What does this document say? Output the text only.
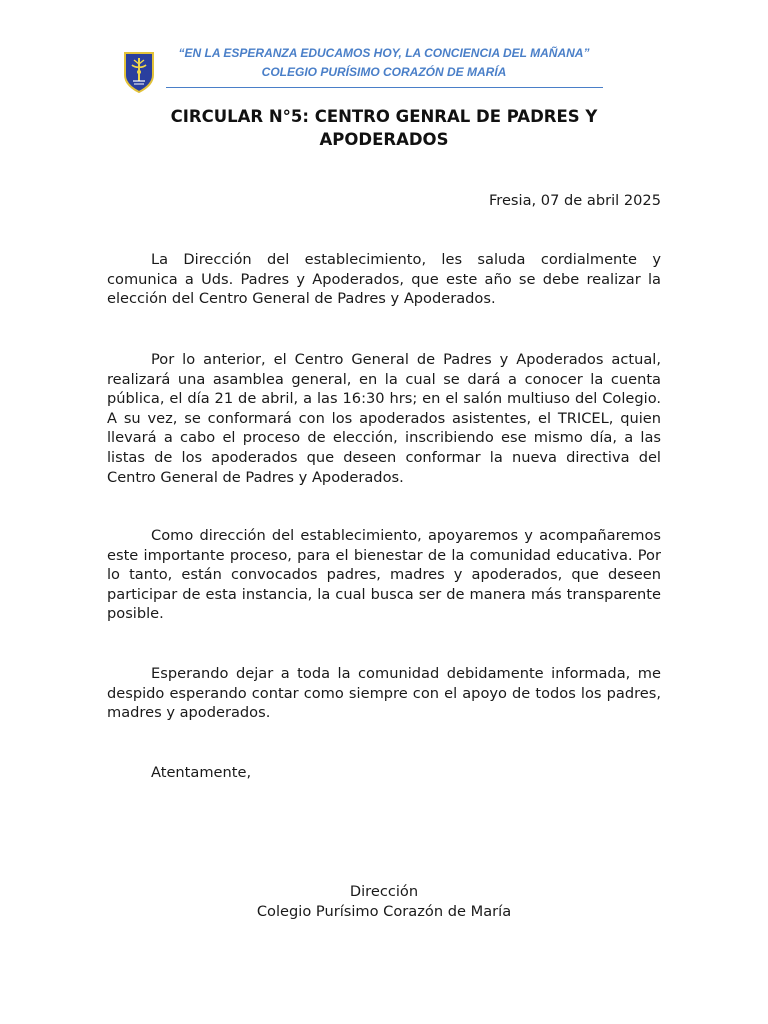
“EN LA ESPERANZA EDUCAMOS HOY, LA CONCIENCIA DEL MAÑANA”
COLEGIO PURÍSIMO CORAZÓN DE MARÍA
CIRCULAR N°5: CENTRO GENRAL DE PADRES Y
APODERADOS
Fresia, 07 de abril 2025

La Dirección del establecimiento, les saluda cordialmente y comunica a Uds. Padres y Apoderados, que este año se debe realizar la elección del Centro General de Padres y Apoderados.

Por lo anterior, el Centro General de Padres y Apoderados actual, realizará una asamblea general, en la cual se dará a conocer la cuenta pública, el día 21 de abril, a las 16:30 hrs; en el salón multiuso del Colegio. A su vez, se conformará con los apoderados asistentes, el TRICEL, quien llevará a cabo el proceso de elección, inscribiendo ese mismo día, a las listas de los apoderados que deseen conformar la nueva directiva del Centro General de Padres y Apoderados.

Como dirección del establecimiento, apoyaremos y acompañaremos este importante proceso, para el bienestar de la comunidad educativa. Por lo tanto, están convocados padres, madres y apoderados, que deseen participar de esta instancia, la cual busca ser de manera más transparente posible.

Esperando dejar a toda la comunidad debidamente informada, me despido esperando contar como siempre con el apoyo de todos los padres, madres y apoderados.

Atentamente,
Dirección
Colegio Purísimo Corazón de María
